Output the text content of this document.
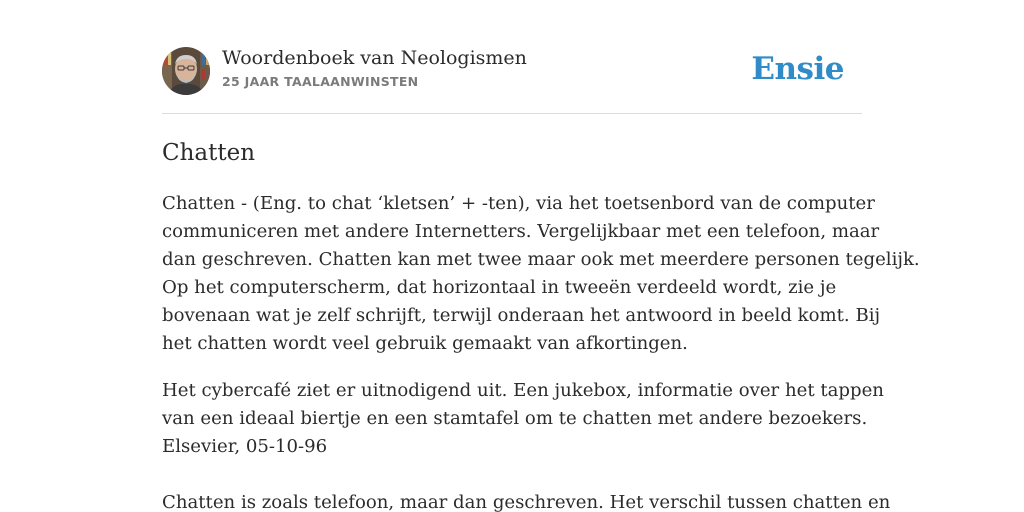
Woordenboek van Neologismen
25 JAAR TAALAANWINSTEN	Ensie
Chatten

Chatten - (Eng. to chat ‘kletsen’ + -ten), via het toetsenbord van de computer
communiceren met andere Internetters. Vergelijkbaar met een telefoon, maar
dan geschreven. Chatten kan met twee maar ook met meerdere personen tegelijk.
Op het computerscherm, dat horizontaal in tweeën verdeeld wordt, zie je
bovenaan wat je zelf schrijft, terwijl onderaan het antwoord in beeld komt. Bij
het chatten wordt veel gebruik gemaakt van afkortingen.

Het cybercafé ziet er uitnodigend uit. Een jukebox, informatie over het tappen
van een ideaal biertje en een stamtafel om te chatten met andere bezoekers.
Elsevier, 05-10-96

Chatten is zoals telefoon, maar dan geschreven. Het verschil tussen chatten en
